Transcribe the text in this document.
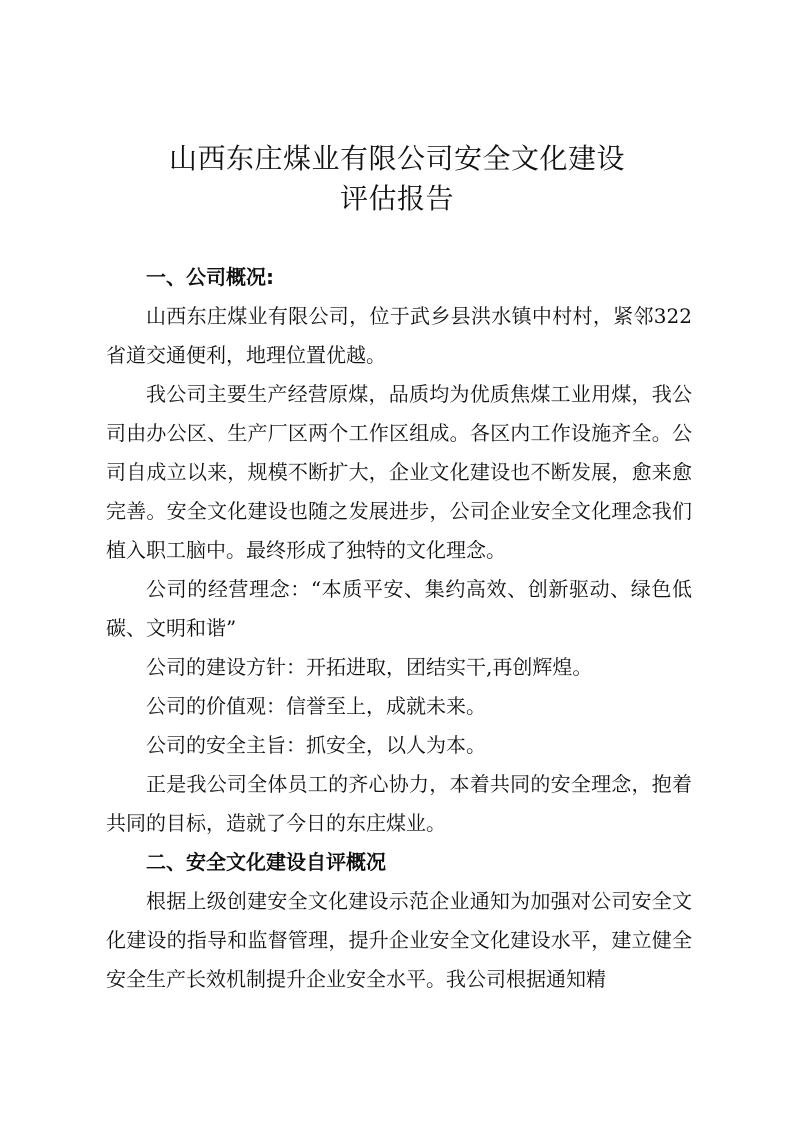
山西东庄煤业有限公司安全文化建设
评估报告
一、公司概况:

山西东庄煤业有限公司，位于武乡县洪水镇中村村，紧邻322 省道交通便利，地理位置优越。

我公司主要生产经营原煤，品质均为优质焦煤工业用煤，我公司由办公区、生产厂区两个工作区组成。各区内工作设施齐全。公司自成立以来，规模不断扩大，企业文化建设也不断发展，愈来愈完善。安全文化建设也随之发展进步，公司企业安全文化理念我们植入职工脑中。最终形成了独特的文化理念。

公司的经营理念：“本质平安、集约高效、创新驱动、绿色低碳、文明和谐”

公司的建设方针：开拓进取，团结实干,再创辉煌。

公司的价值观：信誉至上，成就未来。

公司的安全主旨：抓安全，以人为本。

正是我公司全体员工的齐心协力，本着共同的安全理念，抱着共同的目标，造就了今日的东庄煤业。

二、安全文化建设自评概况

根据上级创建安全文化建设示范企业通知为加强对公司安全文化建设的指导和监督管理，提升企业安全文化建设水平，建立健全安全生产长效机制提升企业安全水平。我公司根据通知精
